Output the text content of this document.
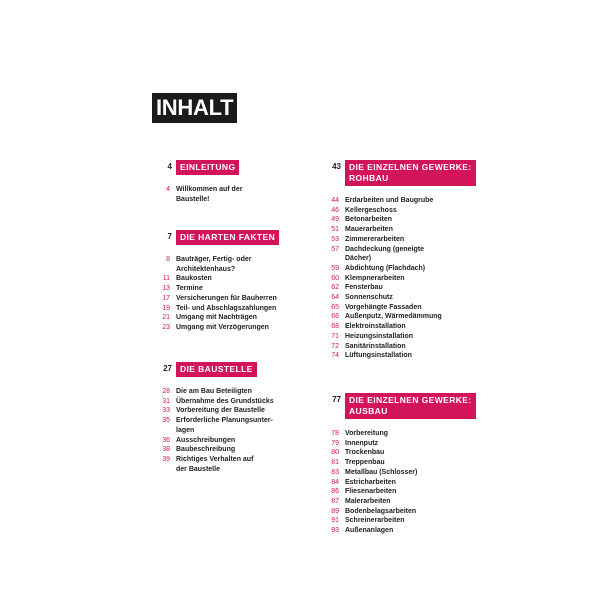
INHALT
4 EINLEITUNG
4 Willkommen auf der
Baustelle!
7 DIE HARTEN FAKTEN
8 Bauträger, Fertig- oder
Architektenhaus?
11 Baukosten
13 Termine
17 Versicherungen für Bauherren
19 Teil- und Abschlagszahlungen
21 Umgang mit Nachträgen
23 Umgang mit Verzögerungen
27 DIE BAUSTELLE
28 Die am Bau Beteiligten
31 Übernahme des Grundstücks
33 Vorbereitung der Baustelle
35 Erforderliche Planungsunter-
lagen
36 Ausschreibungen
38 Baubeschreibung
39 Richtiges Verhalten auf
der Baustelle
43 DIE EINZELNEN GEWERKE:
ROHBAU
44 Erdarbeiten und Baugrube
46 Kellergeschoss
49 Betonarbeiten
51 Mauerarbeiten
53 Zimmererarbeiten
57 Dachdeckung (geneigte
Dächer)
59 Abdichtung (Flachdach)
60 Klempnerarbeiten
62 Fensterbau
64 Sonnenschutz
65 Vorgehängte Fassaden
66 Außenputz, Wärmedämmung
68 Elektroinstallation
71 Heizungsinstallation
72 Sanitärinstallation
74 Lüftungsinstallation
77 DIE EINZELNEN GEWERKE:
AUSBAU
78 Vorbereitung
79 Innenputz
80 Trockenbau
81 Treppenbau
83 Metallbau (Schlosser)
84 Estricharbeiten
86 Fliesenarbeiten
87 Malerarbeiten
89 Bodenbelagsarbeiten
91 Schreinerarbeiten
93 Außenanlagen
